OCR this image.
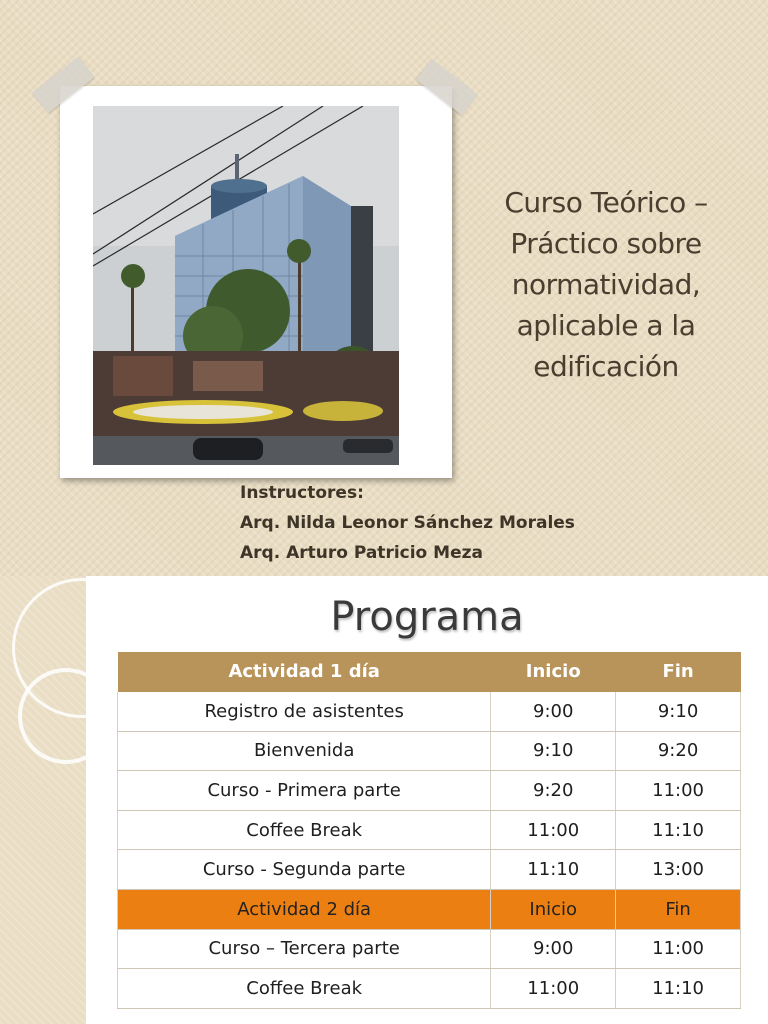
Curso Teórico – Práctico sobre normatividad, aplicable a la edificación
Instructores:
Arq. Nilda Leonor Sánchez Morales
Arq. Arturo Patricio Meza
Programa
Actividad 1 día	Inicio	Fin
Registro de asistentes	9:00	9:10
Bienvenida	9:10	9:20
Curso - Primera parte	9:20	11:00
Coffee Break	11:00	11:10
Curso - Segunda parte	11:10	13:00
Actividad 2 día	Inicio	Fin
Curso – Tercera parte	9:00	11:00
Coffee Break	11:00	11:10
